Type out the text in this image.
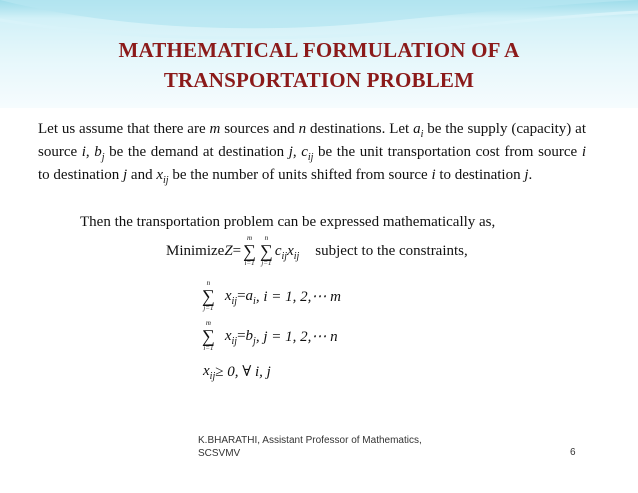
MATHEMATICAL FORMULATION OF A
TRANSPORTATION PROBLEM

Let us assume that there are m sources and n destinations. Let $a_i$ be the supply (capacity) at source i, $b_j$ be the demand at destination j, $c_{ij}$ be the unit transportation cost from source i to destination j and $x_{ij}$ be the number of units shifted from source i to destination j.

Then the transportation problem can be expressed mathematically as,

Minimize Z =
m
∑
i=1
n
∑
j=1
$c_{ij}x_{ij}$ subject to the constraints,
n
∑
j=1
$x_{ij} = a_i$ , i = 1, 2,⋯ m
m
∑
i=1
$x_{ij} = b_j$ , j = 1, 2,⋯ n
$x_{ij} \ge 0$, ∀ i, j
K.BHARATHI, Assistant Professor of Mathematics,
SCSVMV	6
